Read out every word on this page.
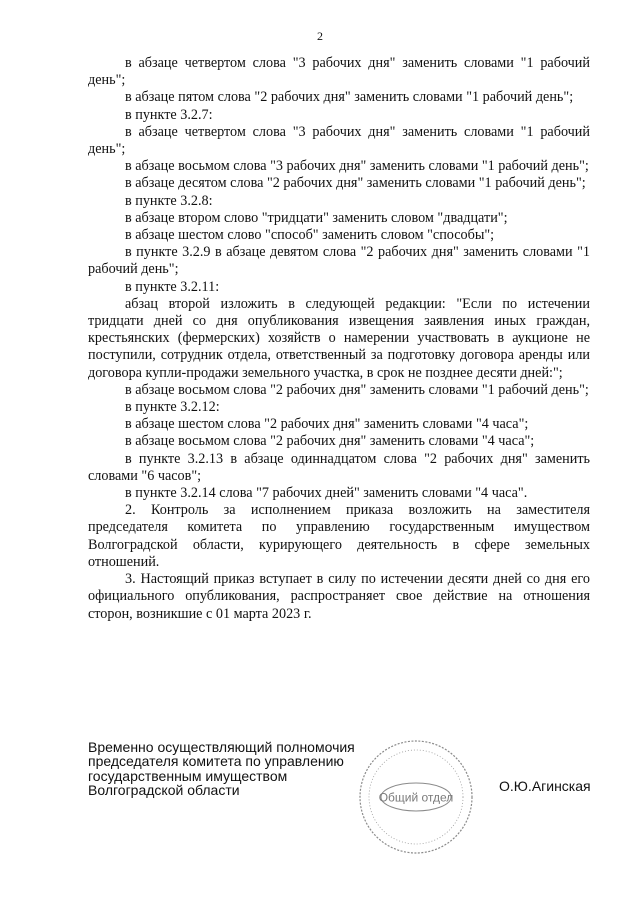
2

в абзаце четвертом слова "3 рабочих дня" заменить словами "1 рабочий день";

в абзаце пятом слова "2 рабочих дня" заменить словами "1 рабочий день";

в пункте 3.2.7:

в абзаце четвертом слова "3 рабочих дня" заменить словами "1 рабочий день";

в абзаце восьмом слова "3 рабочих дня" заменить словами "1 рабочий день";

в абзаце десятом слова "2 рабочих дня" заменить словами "1 рабочий день";

в пункте 3.2.8:

в абзаце втором слово "тридцати" заменить словом "двадцати";

в абзаце шестом слово "способ" заменить словом "способы";

в пункте 3.2.9 в абзаце девятом слова "2 рабочих дня" заменить словами "1 рабочий день";

в пункте 3.2.11:

абзац второй изложить в следующей редакции: "Если по истечении тридцати дней со дня опубликования извещения заявления иных граждан, крестьянских (фермерских) хозяйств о намерении участвовать в аукционе не поступили, сотрудник отдела, ответственный за подготовку договора аренды или договора купли-продажи земельного участка, в срок не позднее десяти дней:";

в абзаце восьмом слова "2 рабочих дня" заменить словами "1 рабочий день";

в пункте 3.2.12:

в абзаце шестом слова "2 рабочих дня" заменить словами "4 часа";

в абзаце восьмом слова "2 рабочих дня" заменить словами "4 часа";

в пункте 3.2.13 в абзаце одиннадцатом слова "2 рабочих дня" заменить словами "6 часов";

в пункте 3.2.14 слова "7 рабочих дней" заменить словами "4 часа".

2. Контроль за исполнением приказа возложить на заместителя председателя комитета по управлению государственным имуществом Волгоградской области, курирующего деятельность в сфере земельных отношений.

3. Настоящий приказ вступает в силу по истечении десяти дней со дня его официального опубликования, распространяет свое действие на отношения сторон, возникшие с 01 марта 2023 г.

Временно осуществляющий полномочия
председателя комитета по управлению
государственным имуществом
Волгоградской области	Общий отдел
О.Ю.Агинская
